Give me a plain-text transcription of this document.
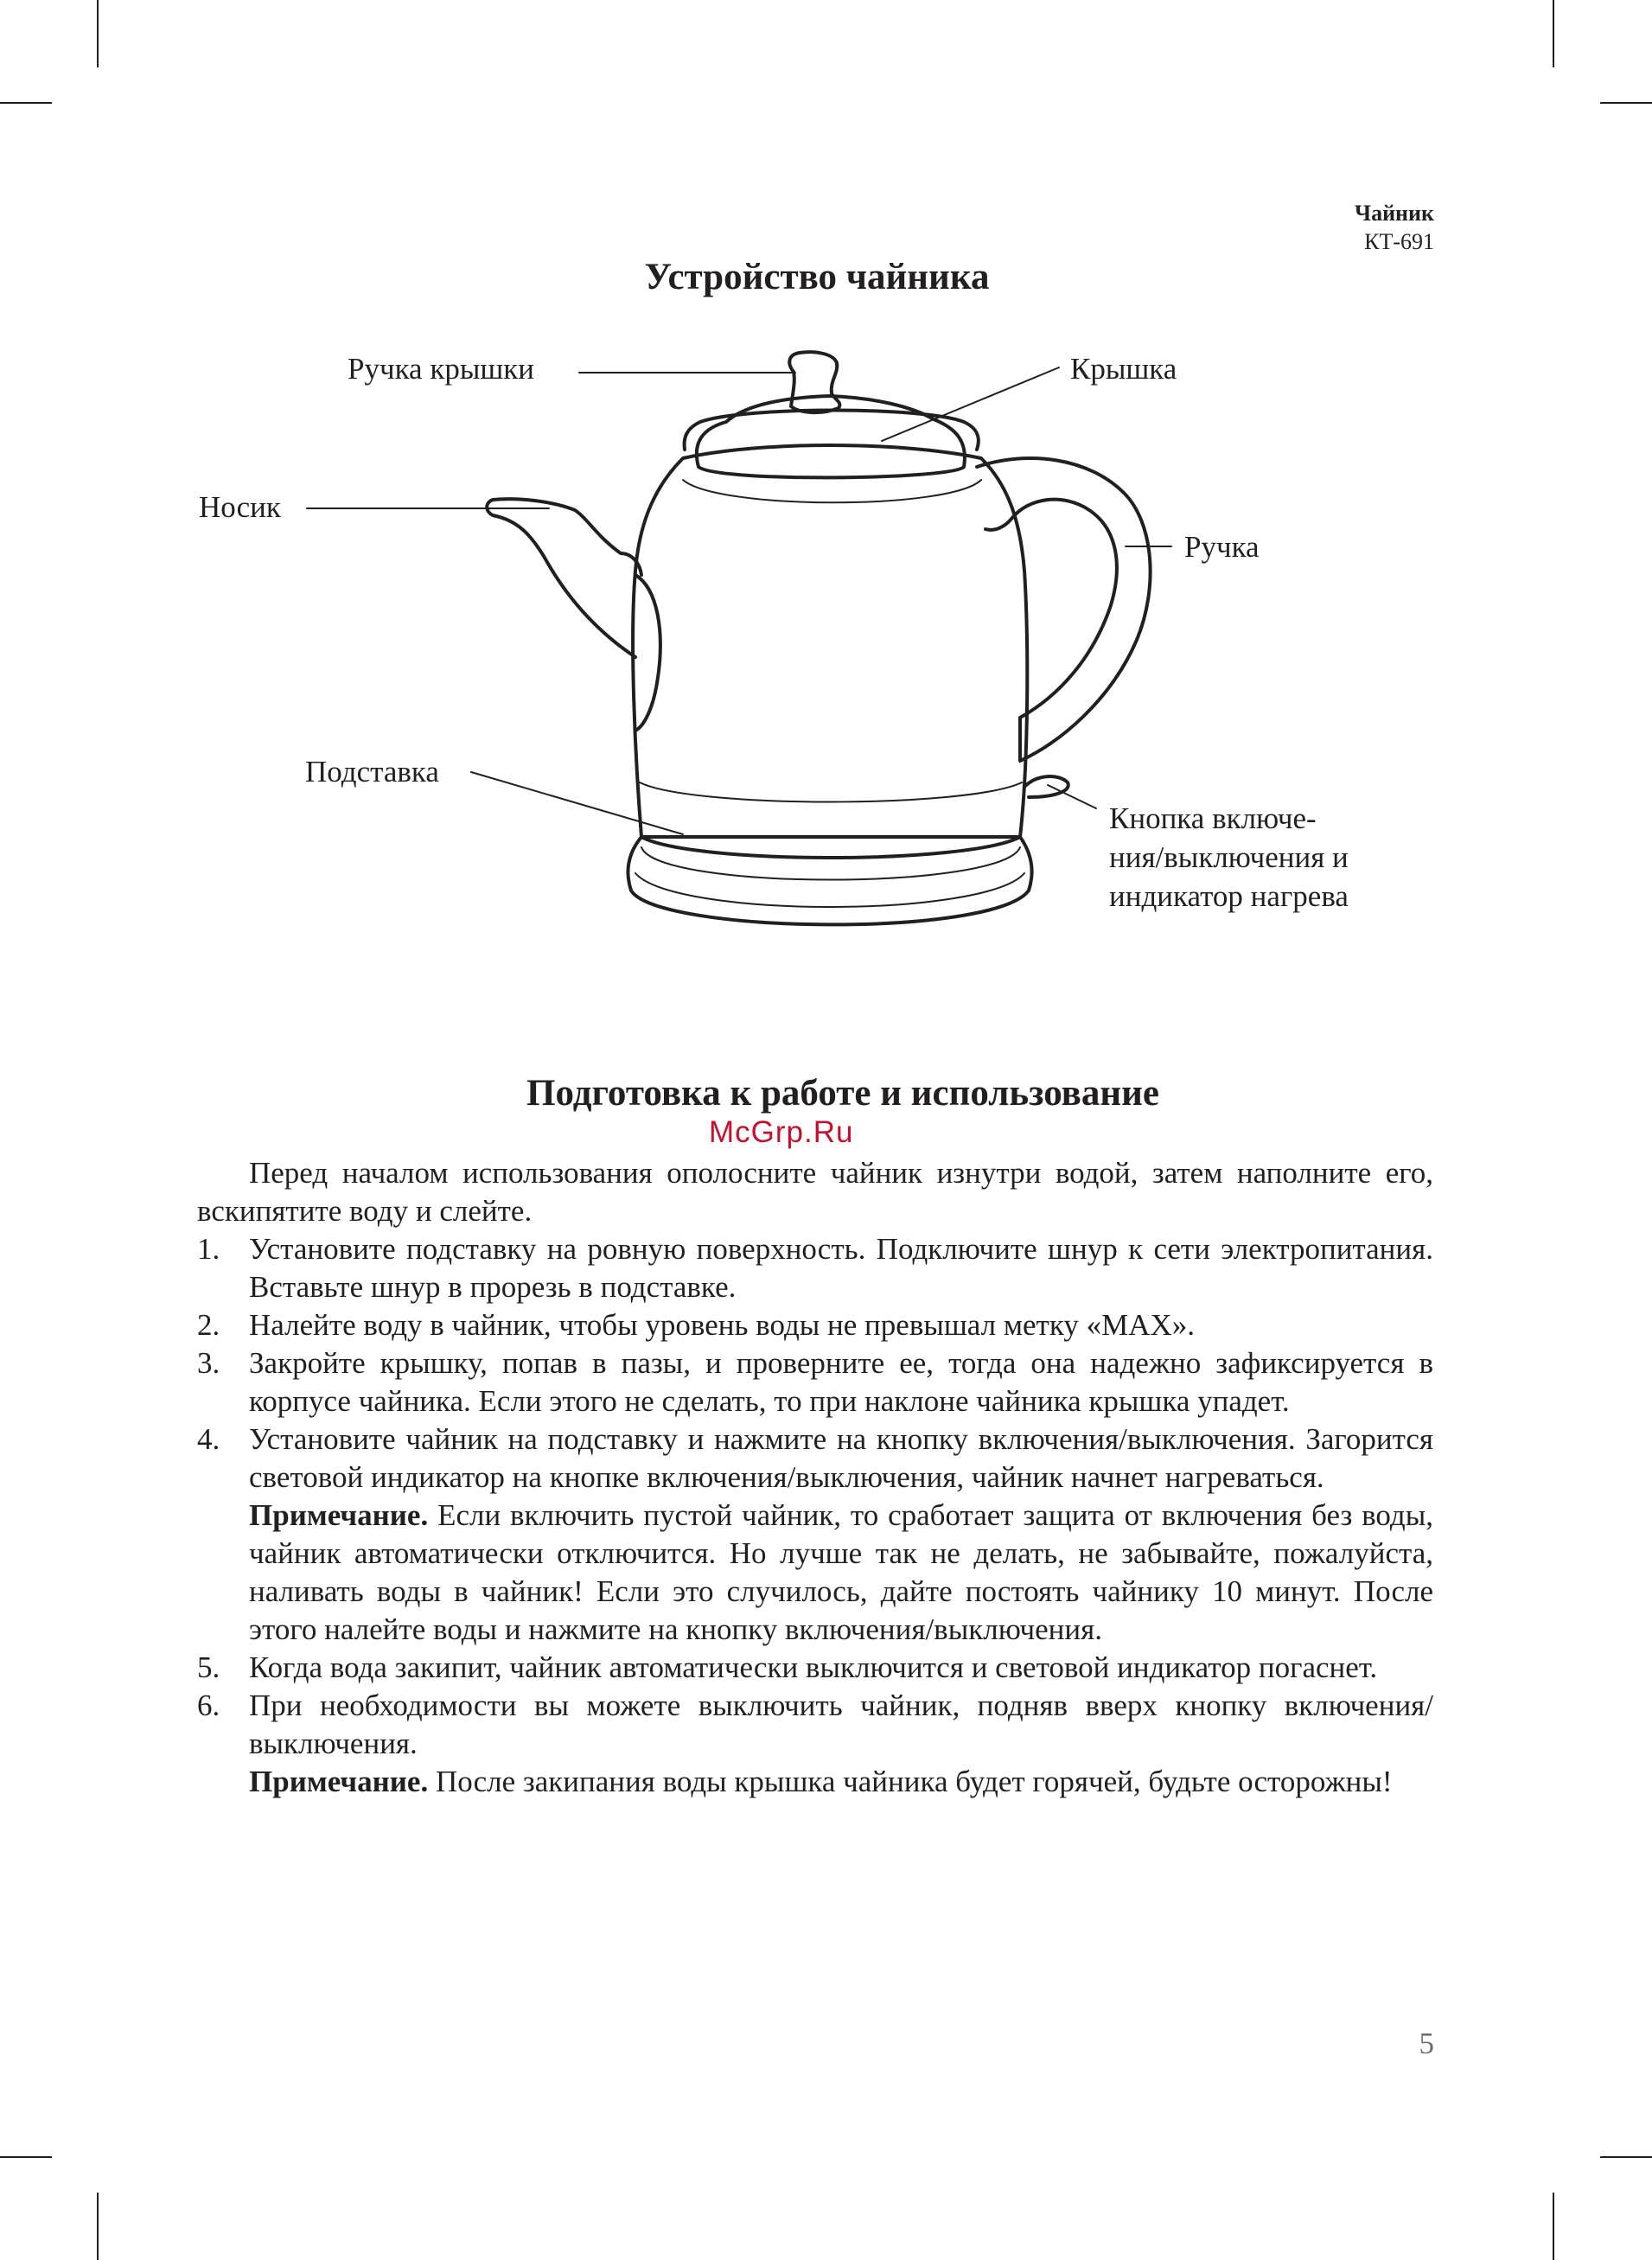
Чайник
КТ-691
Устройство чайника
Ручка крышки	Крышка
Носик
Ручка
Подставка
Кнопка включе-
ния/выключения и
индикатор нагрева
Подготовка к работе и использование
McGrp.Ru

Перед началом использования ополосните чайник изнутри водой, затем наполните его, вскипятите воду и слейте.

1. Установите подставку на ровную поверхность. Подключите шнур к сети электропитания. Вставьте шнур в прорезь в подставке.

2. Налейте воду в чайник, чтобы уровень воды не превышал метку «MAX».

3. Закройте крышку, попав в пазы, и проверните ее, тогда она надежно зафиксируется в корпусе чайника. Если этого не сделать, то при наклоне чайника крышка упадет.

4. Установите чайник на подставку и нажмите на кнопку включения/выключения. Загорится световой индикатор на кнопке включения/выключения, чайник начнет нагреваться.

Примечание. Если включить пустой чайник, то сработает защита от включения без воды, чайник автоматически отключится. Но лучше так не делать, не забывайте, пожалуйста, наливать воды в чайник! Если это случилось, дайте постоять чайнику 10 минут. После этого налейте воды и нажмите на кнопку включения/выключения.

5. Когда вода закипит, чайник автоматически выключится и световой индикатор погаснет.

6. При необходимости вы можете выключить чайник, подняв вверх кнопку включения/выключения.

Примечание. После закипания воды крышка чайника будет горячей, будьте осторожны!

5
